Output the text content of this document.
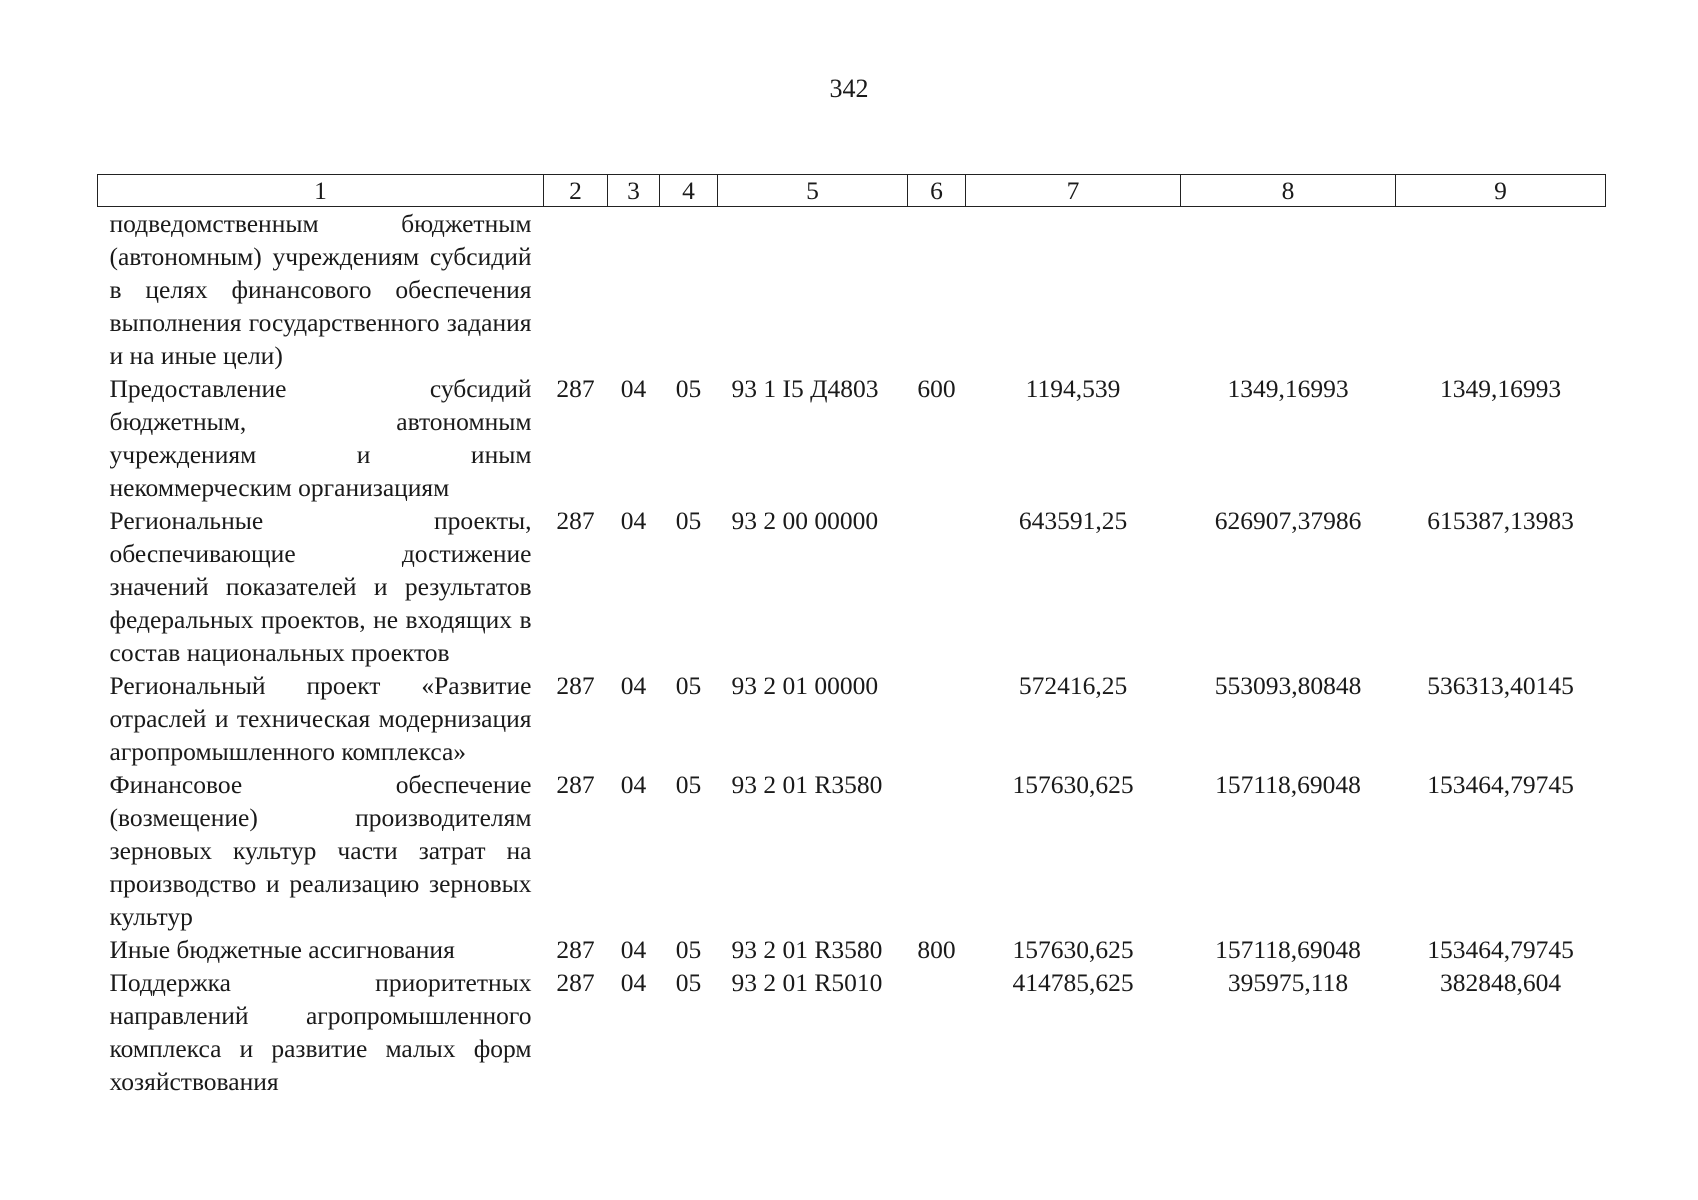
342
1	2	3	4	5	6	7	8	9
подведомственным бюджетным (автономным) учреждениям субсидий в целях финансового обеспечения выполнения государственного задания и на иные цели)								
Предоставление субсидий бюджетным, автономным учреждениям и иным некоммерческим организациям	287	04	05	93 1 I5 Д4803	600	1194,539	1349,16993	1349,16993
Региональные проекты, обеспечивающие достижение значений показателей и результатов федеральных проектов, не входящих в состав национальных проектов	287	04	05	93 2 00 00000		643591,25	626907,37986	615387,13983
Региональный проект «Развитие отраслей и техническая модернизация агропромышленного комплекса»	287	04	05	93 2 01 00000		572416,25	553093,80848	536313,40145
Финансовое обеспечение (возмещение) производителям зерновых культур части затрат на производство и реализацию зерновых культур	287	04	05	93 2 01 R3580		157630,625	157118,69048	153464,79745
Иные бюджетные ассигнования	287	04	05	93 2 01 R3580	800	157630,625	157118,69048	153464,79745
Поддержка приоритетных направлений агропромышленного комплекса и развитие малых форм хозяйствования	287	04	05	93 2 01 R5010		414785,625	395975,118	382848,604
